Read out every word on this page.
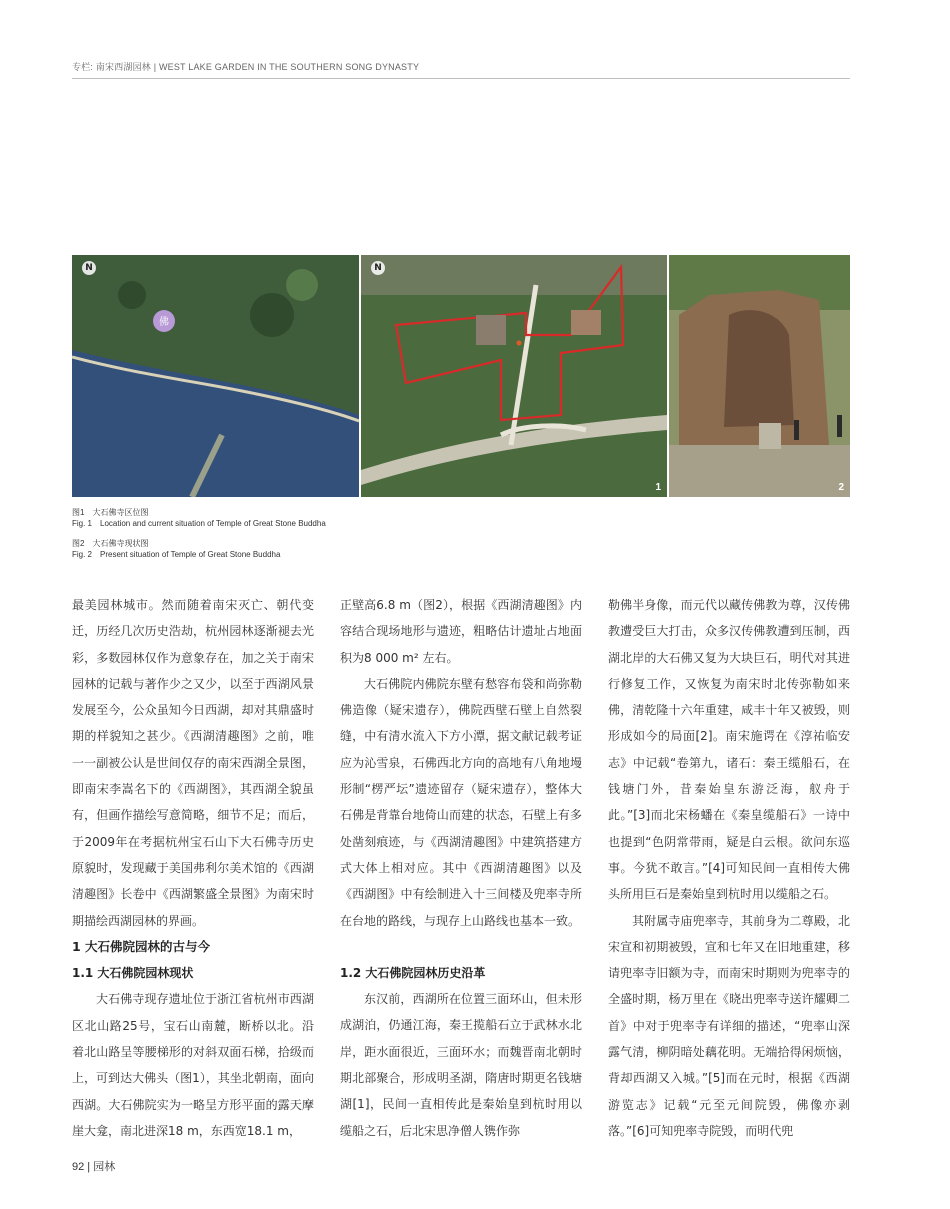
专栏: 南宋西湖园林 | WEST LAKE GARDEN IN THE SOUTHERN SONG DYNASTY
佛
N	N
1	2
图1　大石佛寺区位图
Fig. 1　Location and current situation of Temple of Great Stone Buddha
图2　大石佛寺现状图
Fig. 2　Present situation of Temple of Great Stone Buddha

最美园林城市。然而随着南宋灭亡、朝代变迁，历经几次历史浩劫，杭州园林逐渐褪去光彩，多数园林仅作为意象存在，加之关于南宋园林的记载与著作少之又少，以至于西湖风景发展至今，公众虽知今日西湖，却对其鼎盛时期的样貌知之甚少。《西湖清趣图》之前，唯一一副被公认是世间仅存的南宋西湖全景图，即南宋李嵩名下的《西湖图》，其西湖全貌虽有，但画作描绘写意简略，细节不足；而后，于2009年在考据杭州宝石山下大石佛寺历史原貌时，发现藏于美国弗利尔美术馆的《西湖清趣图》长卷中《西湖繁盛全景图》为南宋时期描绘西湖园林的界画。

1 大石佛院园林的古与今

1.1 大石佛院园林现状

大石佛寺现存遗址位于浙江省杭州市西湖区北山路25号，宝石山南麓，断桥以北。沿着北山路呈等腰梯形的对斜双面石梯，拾级而上，可到达大佛头（图1），其坐北朝南，面向西湖。大石佛院实为一略呈方形平面的露天摩崖大龛，南北进深18 m，东西宽18.1 m，

正壁高6.8 m（图2），根据《西湖清趣图》内容结合现场地形与遗迹，粗略估计遗址占地面积为8 000 m² 左右。

大石佛院内佛院东壁有愁容布袋和尚弥勒佛造像（疑宋遗存），佛院西壁石壁上自然裂缝，中有清水流入下方小潭，据文献记载考证应为沁雪泉，石佛西北方向的高地有八角地墁形制“楞严坛”遗迹留存（疑宋遗存），整体大石佛是背靠台地倚山而建的状态，石壁上有多处凿刻痕迹，与《西湖清趣图》中建筑搭建方式大体上相对应。其中《西湖清趣图》以及《西湖图》中有绘制进入十三间楼及兜率寺所在台地的路线，与现存上山路线也基本一致。

1.2 大石佛院园林历史沿革

东汉前，西湖所在位置三面环山，但未形成湖泊，仍通江海，秦王揽船石立于武林水北岸，距水面很近，三面环水；而魏晋南北朝时期北部聚合，形成明圣湖，隋唐时期更名钱塘湖[1]，民间一直相传此是秦始皇到杭时用以缆船之石，后北宋思净僧人镌作弥

勒佛半身像，而元代以藏传佛教为尊，汉传佛教遭受巨大打击，众多汉传佛教遭到压制，西湖北岸的大石佛又复为大块巨石，明代对其进行修复工作，又恢复为南宋时北传弥勒如来佛，清乾隆十六年重建，咸丰十年又被毁，则形成如今的局面[2]。南宋施谔在《淳祐临安志》中记载“卷第九，诸石：秦王缆船石，在钱塘门外，昔秦始皇东游泛海，舣舟于此。”[3]而北宋杨蟠在《秦皇缆船石》一诗中也提到“色阴常带雨，疑是白云根。欲问东巡事。今犹不敢言。”[4]可知民间一直相传大佛头所用巨石是秦始皇到杭时用以缆船之石。

其附属寺庙兜率寺，其前身为二尊殿，北宋宣和初期被毁，宣和七年又在旧地重建，移请兜率寺旧额为寺，而南宋时期则为兜率寺的全盛时期，杨万里在《晓出兜率寺送许耀卿二首》中对于兜率寺有详细的描述，“兜率山深露气清，柳阴暗处藕花明。无端拾得闲烦恼，背却西湖又入城。”[5]而在元时，根据《西湖游览志》记载“元至元间院毁，佛像亦剥落。”[6]可知兜率寺院毁，而明代兜

92 | 园林
